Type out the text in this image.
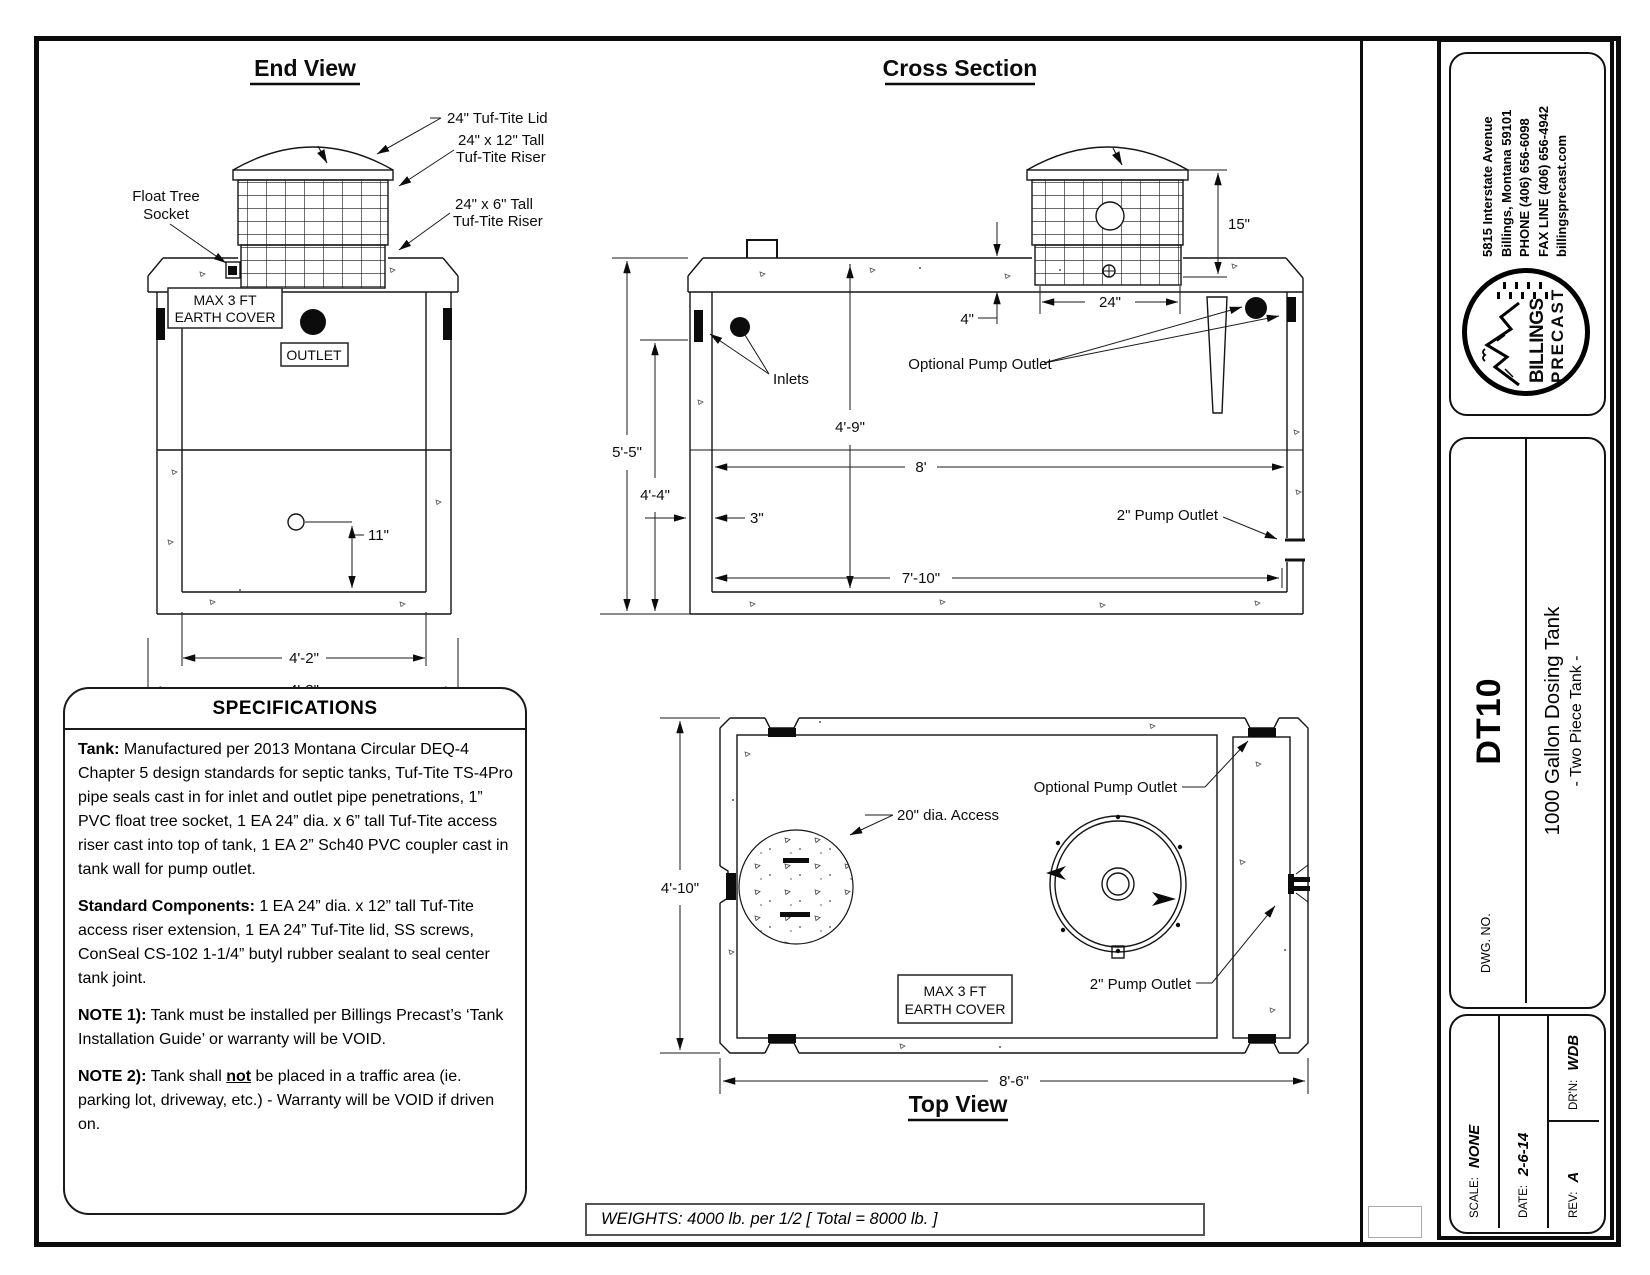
End View
24" Tuf-Tite Lid
24" x 12" Tall
Tuf-Tite Riser
24" x 6" Tall
Tuf-Tite Riser
Float Tree
Socket
11"
4'-2"
MAX 3 FT
EARTH COVER
OUTLET
Cross Section
15"
24"
4"
Inlets
Optional Pump Outlet
2" Pump Outlet
5'-5"
4'-4"
4'-9"
8'
3"
7'-10"
Top View
20" dia. Access
Optional Pump Outlet
2" Pump Outlet
4'-10"
8'-6"
MAX 3 FT
EARTH COVER
SPECIFICATIONS

Tank: Manufactured per 2013 Montana Circular DEQ-4 Chapter 5 design standards for septic tanks, Tuf-Tite TS-4Pro pipe seals cast in for inlet and outlet pipe penetrations, 1” PVC float tree socket, 1 EA 24” dia. x 6” tall Tuf-Tite access riser cast into top of tank, 1 EA 2” Sch40 PVC coupler cast in tank wall for pump outlet.

Standard Components: 1 EA 24” dia. x 12” tall Tuf-Tite access riser extension, 1 EA 24” Tuf-Tite lid, SS screws, ConSeal CS-102 1-1/4” butyl rubber sealant to seal center tank joint.

NOTE 1): Tank must be installed per Billings Precast’s ‘Tank Installation Guide’ or warranty will be VOID.

NOTE 2): Tank shall not be placed in a traffic area (ie. parking lot, driveway, etc.) - Warranty will be VOID if driven on.

WEIGHTS: 4000 lb. per 1/2 [ Total = 8000 lb. ]
BILLINGS PRECAST
5815 Interstate Avenue Billings, Montana 59101 PHONE (406) 656-6098 FAX LINE (406) 656-4942 billingsprecast.com
DWG. NO.
DT10 1000 Gallon Dosing Tank - Two Piece Tank -
SCALE:
NONE
DATE:
2-6-14
REV:
A
DR'N:
WDB
